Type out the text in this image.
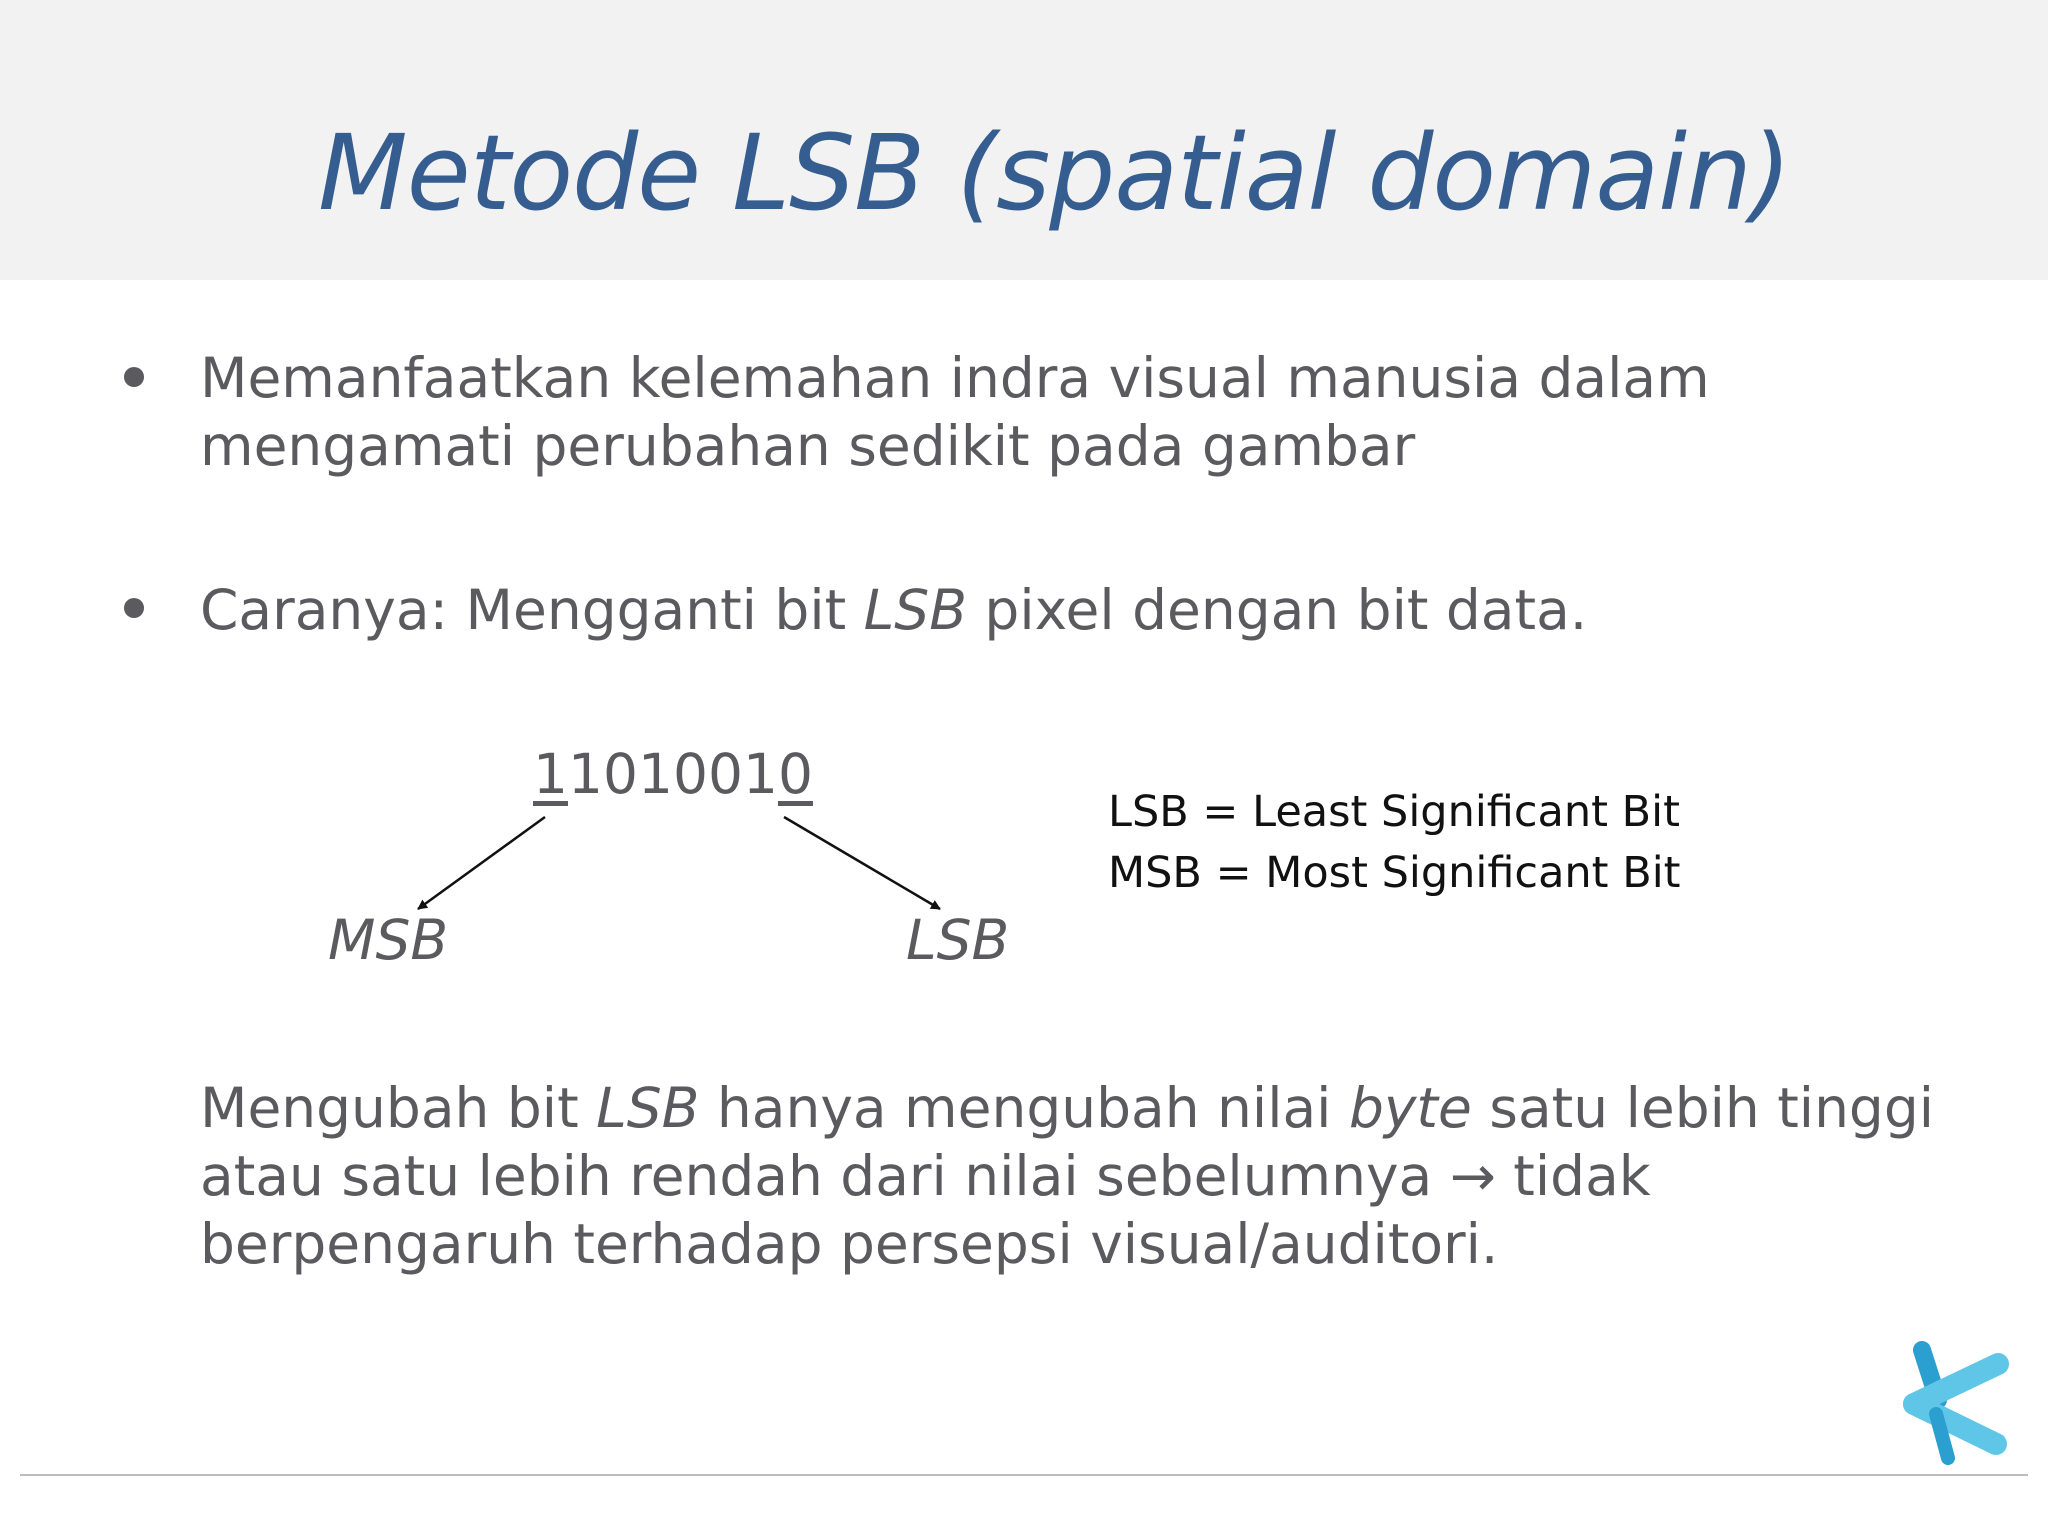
Metode LSB (spatial domain)
Memanfaatkan kelemahan indra visual manusia dalam mengamati perubahan sedikit pada gambar
Caranya: Mengganti bit LSB pixel dengan bit data.
11010010
MSB	LSB
LSB = Least Significant Bit
MSB = Most Significant Bit
Mengubah bit LSB hanya mengubah nilai byte satu lebih tinggi atau satu lebih rendah dari nilai sebelumnya → tidak berpengaruh terhadap persepsi visual/auditori.
